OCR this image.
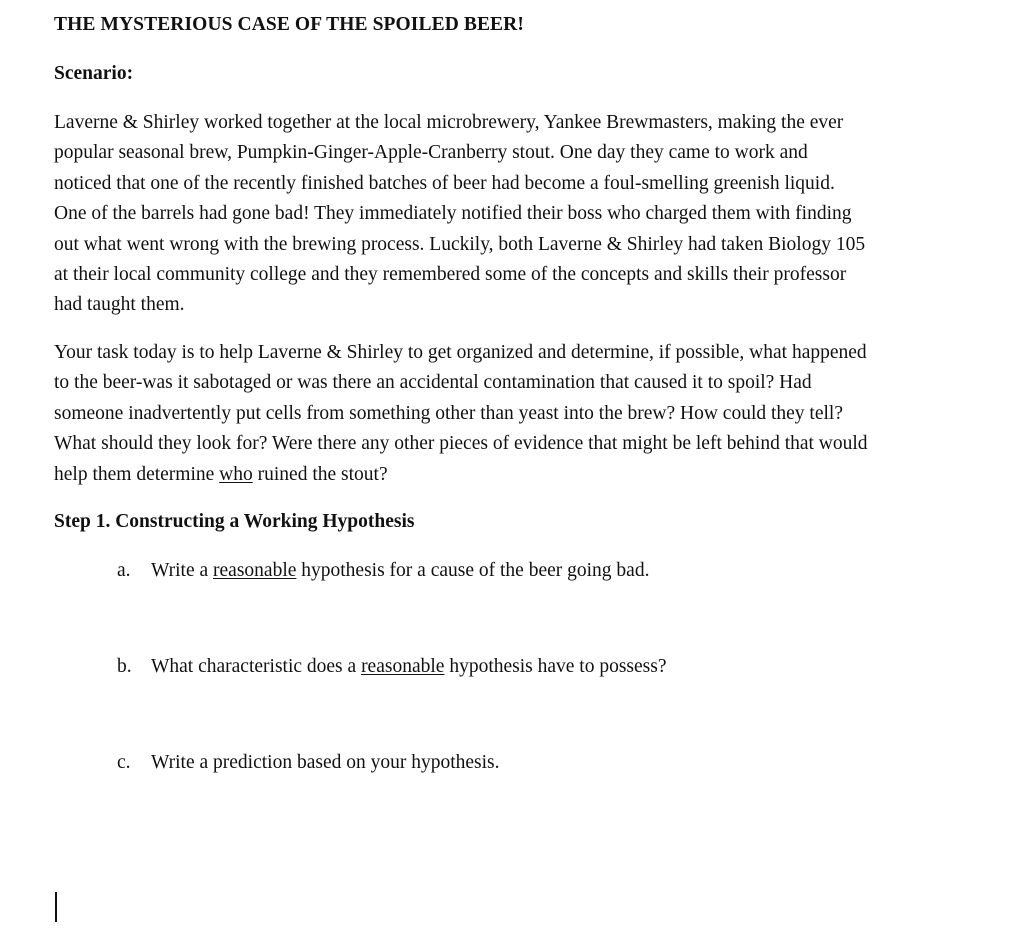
THE MYSTERIOUS CASE OF THE SPOILED BEER!
Scenario:
Laverne & Shirley worked together at the local microbrewery, Yankee Brewmasters, making the ever
popular seasonal brew, Pumpkin-Ginger-Apple-Cranberry stout. One day they came to work and
noticed that one of the recently finished batches of beer had become a foul-smelling greenish liquid.
One of the barrels had gone bad! They immediately notified their boss who charged them with finding
out what went wrong with the brewing process. Luckily, both Laverne & Shirley had taken Biology 105
at their local community college and they remembered some of the concepts and skills their professor
had taught them.
Your task today is to help Laverne & Shirley to get organized and determine, if possible, what happened
to the beer-was it sabotaged or was there an accidental contamination that caused it to spoil? Had
someone inadvertently put cells from something other than yeast into the brew? How could they tell?
What should they look for? Were there any other pieces of evidence that might be left behind that would
help them determine who ruined the stout?
Step 1. Constructing a Working Hypothesis
a. Write a reasonable hypothesis for a cause of the beer going bad.
b. What characteristic does a reasonable hypothesis have to possess?
c. Write a prediction based on your hypothesis.
